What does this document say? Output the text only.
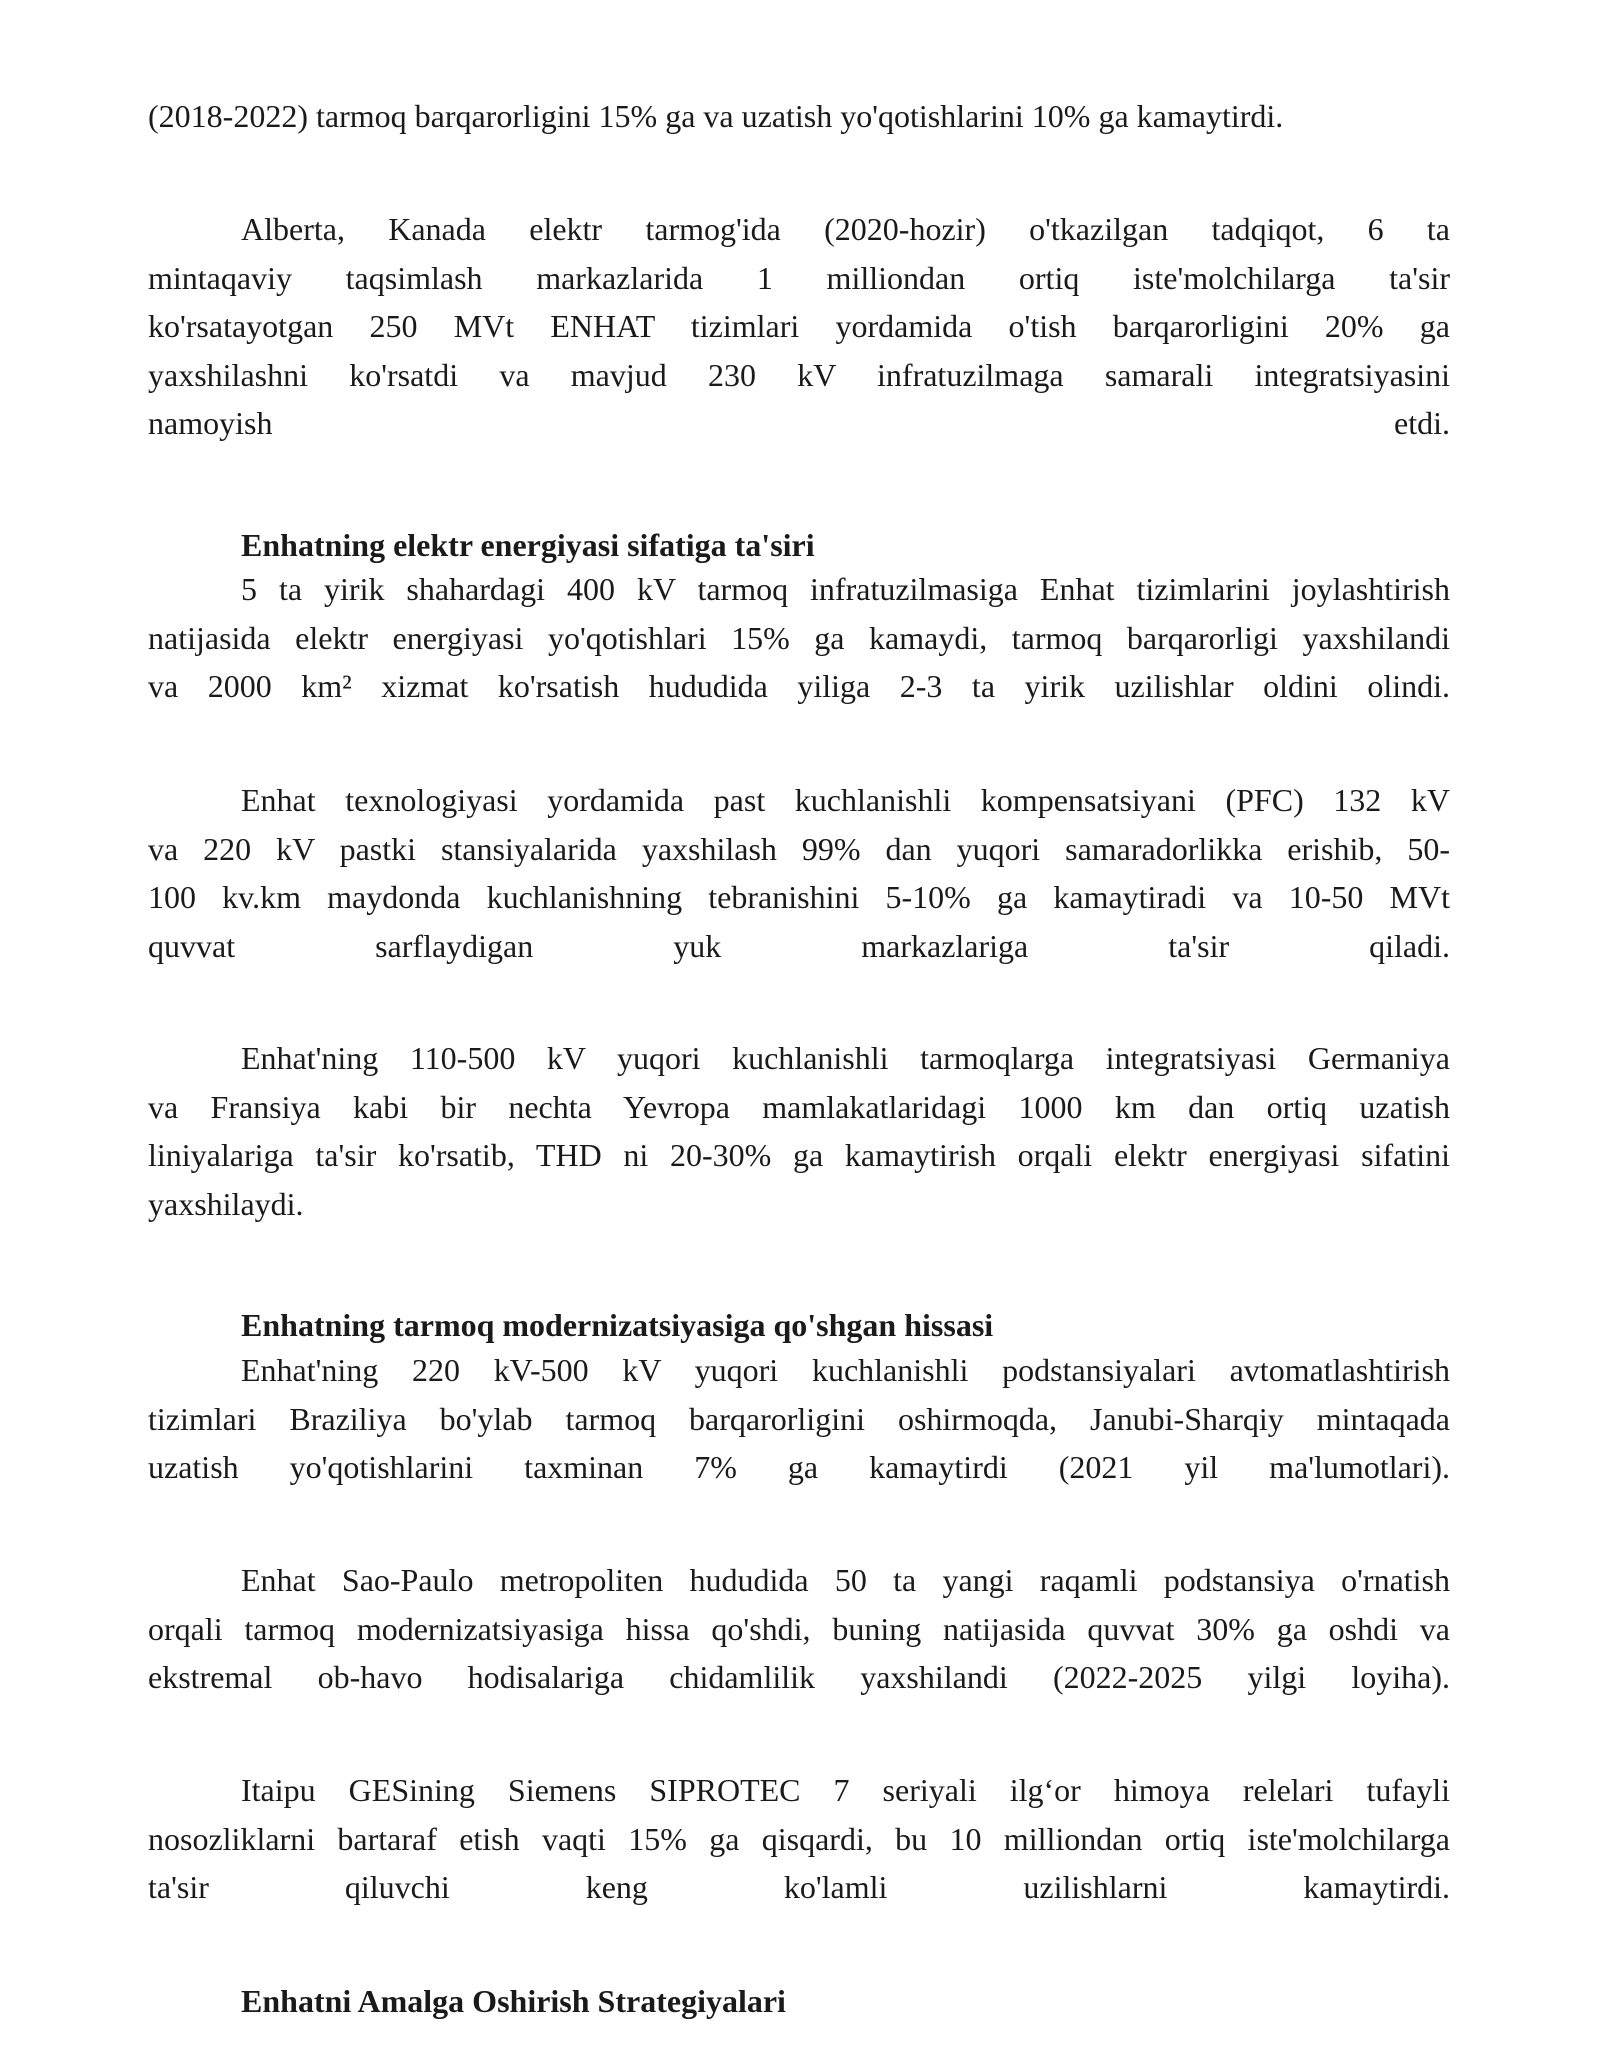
(2018-2022) tarmoq barqarorligini 15% ga va uzatish yo'qotishlarini 10% ga kamaytirdi.
Alberta, Kanada elektr tarmog'ida (2020-hozir) o'tkazilgan tadqiqot, 6 ta
mintaqaviy taqsimlash markazlarida 1 milliondan ortiq iste'molchilarga ta'sir
ko'rsatayotgan 250 MVt ENHAT tizimlari yordamida o'tish barqarorligini 20% ga
yaxshilashni ko'rsatdi va mavjud 230 kV infratuzilmaga samarali integratsiyasini
namoyish etdi.
Enhatning elektr energiyasi sifatiga ta'siri
5 ta yirik shahardagi 400 kV tarmoq infratuzilmasiga Enhat tizimlarini joylashtirish
natijasida elektr energiyasi yo'qotishlari 15% ga kamaydi, tarmoq barqarorligi yaxshilandi
va 2000 km² xizmat ko'rsatish hududida yiliga 2-3 ta yirik uzilishlar oldini olindi.
Enhat texnologiyasi yordamida past kuchlanishli kompensatsiyani (PFC) 132 kV
va 220 kV pastki stansiyalarida yaxshilash 99% dan yuqori samaradorlikka erishib, 50-
100 kv.km maydonda kuchlanishning tebranishini 5-10% ga kamaytiradi va 10-50 MVt
quvvat sarflaydigan yuk markazlariga ta'sir qiladi.
Enhat'ning 110-500 kV yuqori kuchlanishli tarmoqlarga integratsiyasi Germaniya
va Fransiya kabi bir nechta Yevropa mamlakatlaridagi 1000 km dan ortiq uzatish
liniyalariga ta'sir ko'rsatib, THD ni 20-30% ga kamaytirish orqali elektr energiyasi sifatini
yaxshilaydi.
Enhatning tarmoq modernizatsiyasiga qo'shgan hissasi
Enhat'ning 220 kV-500 kV yuqori kuchlanishli podstansiyalari avtomatlashtirish
tizimlari Braziliya bo'ylab tarmoq barqarorligini oshirmoqda, Janubi-Sharqiy mintaqada
uzatish yo'qotishlarini taxminan 7% ga kamaytirdi (2021 yil ma'lumotlari).
Enhat Sao-Paulo metropoliten hududida 50 ta yangi raqamli podstansiya o'rnatish
orqali tarmoq modernizatsiyasiga hissa qo'shdi, buning natijasida quvvat 30% ga oshdi va
ekstremal ob-havo hodisalariga chidamlilik yaxshilandi (2022-2025 yilgi loyiha).
Itaipu GESining Siemens SIPROTEC 7 seriyali ilg‘or himoya relelari tufayli
nosozliklarni bartaraf etish vaqti 15% ga qisqardi, bu 10 milliondan ortiq iste'molchilarga
ta'sir qiluvchi keng ko'lamli uzilishlarni kamaytirdi.
Enhatni Amalga Oshirish Strategiyalari
